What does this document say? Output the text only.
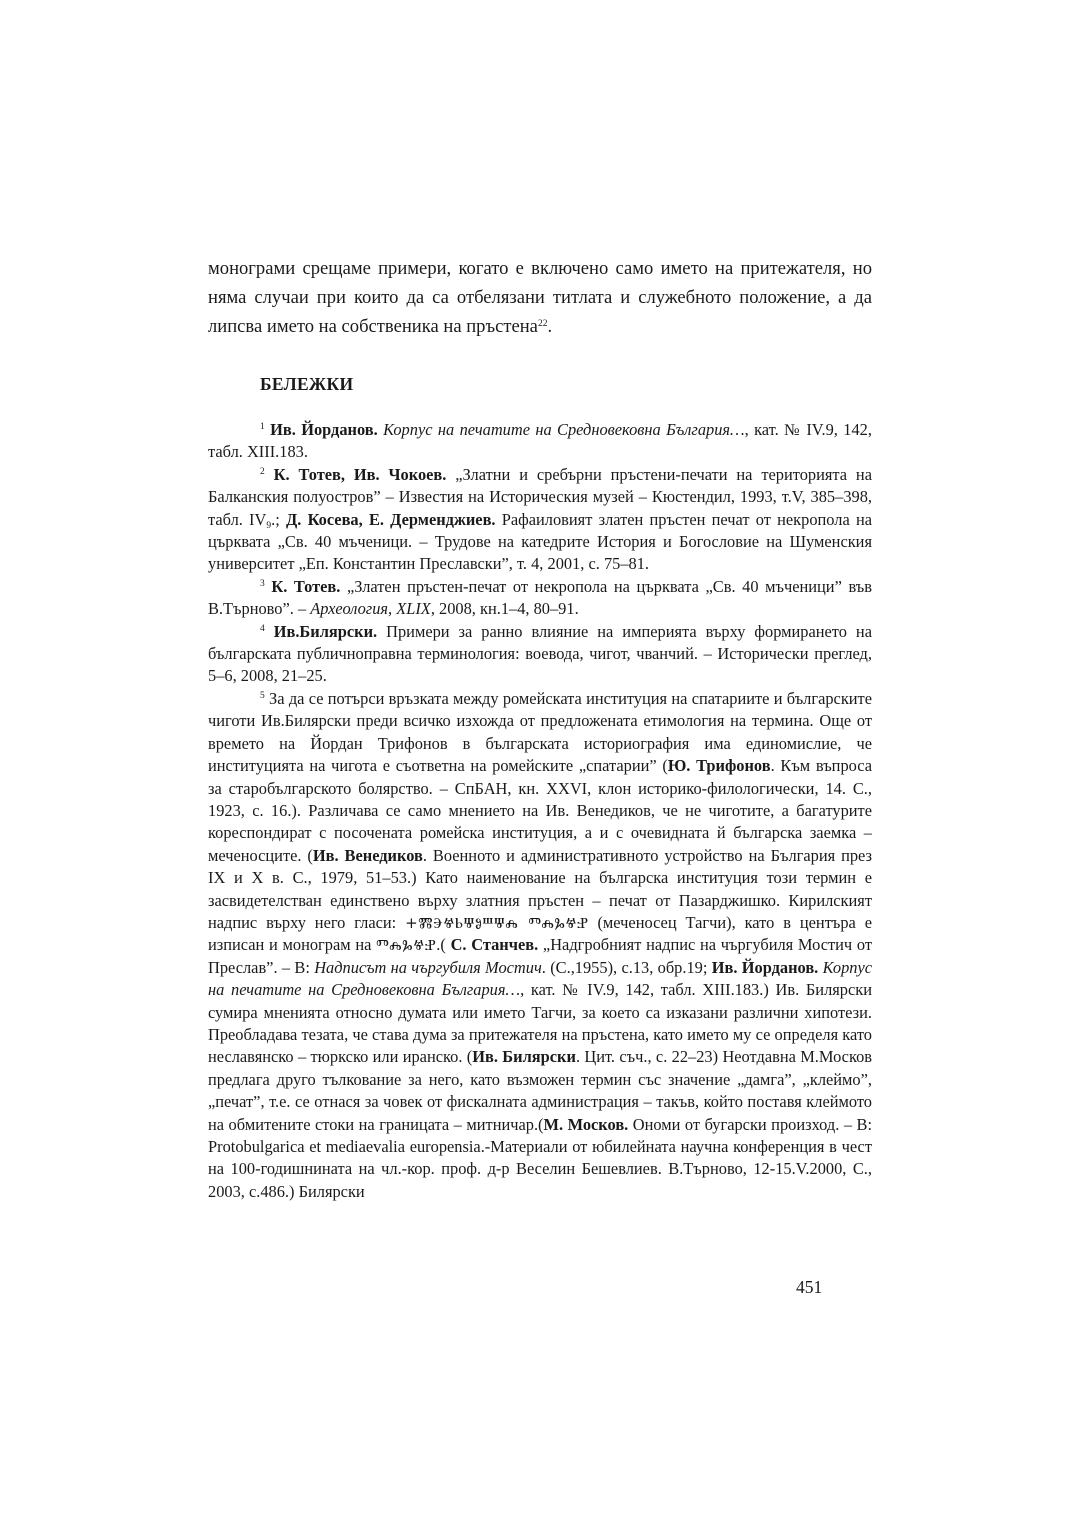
монограми срещаме примери, когато е включено само името на притежателя, но няма случаи при които да са отбелязани титлата и служебното положение, а да липсва името на собственика на пръстена$^{22}$.

БЕЛЕЖКИ

$^1$ Ив. Йорданов. Корпус на печатите на Средновековна България…, кат. № IV.9, 142, табл. XIII.183.

$^2$ К. Тотев, Ив. Чокоев. „Златни и сребърни пръстени-печати на територията на Балканския полуостров” – Известия на Историческия музей – Кюстендил, 1993, т.V, 385–398, табл. $IV_9$.; Д. Косева, Е. Дерменджиев. Рафаиловият златен пръстен печат от некропола на църквата „Св. 40 мъченици. – Трудове на катедрите История и Богословие на Шуменския университет „Еп. Константин Преславски”, т. 4, 2001, с. 75–81.

$^3$ К. Тотев. „Златен пръстен-печат от некропола на църквата „Св. 40 мъченици” във В.Търново”. – Археология, XLIX, 2008, кн.1–4, 80–91.

$^4$ Ив.Билярски. Примери за ранно влияние на империята върху формирането на българската публичноправна терминология: воевода, чигот, чванчий. – Исторически преглед, 5–6, 2008, 21–25.

$^5$ За да се потърси връзката между ромейската институция на спатариите и българските чиготи Ив.Билярски преди всичко изхожда от предложената етимология на термина. Още от времето на Йордан Трифонов в българската историография има единомислие, че институцията на чигота е съответна на ромейските „спатарии” (Ю. Трифонов. Към въпроса за старобългарското болярство. – СпБАН, кн. XXVI, клон историко-филологически, 14. С., 1923, с. 16.). Различава се само мнението на Ив. Венедиков, че не чиготите, а багатурите кореспондират с посочената ромейска институция, а и с очевидната й българска заемка – меченосците. (Ив. Венедиков. Военното и административното устройство на България през IX и X в. С., 1979, 51–53.) Като наименование на българска институция този термин е засвидетелстван единствено върху златния пръстен – печат от Пазарджишко. Кирилският надпис върху него гласи: +ⰏⰅⰝⰓⰛⰑⰞⰛⰎ ⰕⰎⰃⰝⰐ (меченосец Тагчи), като в центъра е изписан и монограм на ⰕⰎⰃⰝⰐ.( С. Станчев. „Надгробният надпис на чъргубиля Мостич от Преслав”. – В: Надписът на чъргубиля Мостич. (С.,1955), с.13, обр.19; Ив. Йорданов. Корпус на печатите на Средновековна България…, кат. № IV.9, 142, табл. XIII.183.) Ив. Билярски сумира мненията относно думата или името Тагчи, за което са изказани различни хипотези. Преобладава тезата, че става дума за притежателя на пръстена, като името му се определя като неславянско – тюркско или иранско. (Ив. Билярски. Цит. съч., с. 22–23) Неотдавна М.Москов предлага друго тълкование за него, като възможен термин със значение „дамга”, „клеймо”, „печат”, т.е. се отнася за човек от фискалната администрация – такъв, който поставя клеймото на обмитените стоки на границата – митничар.(М. Москов. Ономи от бугарски произход. – В: Protobulgarica et mediaevalia europensia.-Материали от юбилейната научна конференция в чест на 100-годишнината на чл.-кор. проф. д-р Веселин Бешевлиев. В.Търново, 12-15.V.2000, С., 2003, с.486.) Билярски

451
